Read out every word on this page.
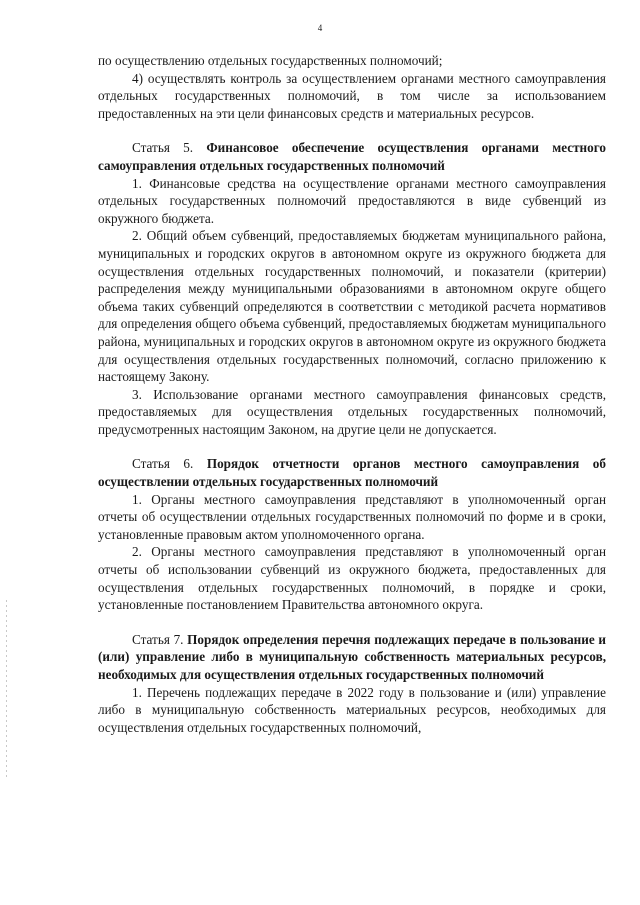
4

по осуществлению отдельных государственных полномочий;

4) осуществлять контроль за осуществлением органами местного самоуправления отдельных государственных полномочий, в том числе за использованием предоставленных на эти цели финансовых средств и материальных ресурсов.

Статья 5. Финансовое обеспечение осуществления органами местного самоуправления отдельных государственных полномочий

1. Финансовые средства на осуществление органами местного самоуправления отдельных государственных полномочий предоставляются в виде субвенций из окружного бюджета.

2. Общий объем субвенций, предоставляемых бюджетам муниципального района, муниципальных и городских округов в автономном округе из окружного бюджета для осуществления отдельных государственных полномочий, и показатели (критерии) распределения между муниципальными образованиями в автономном округе общего объема таких субвенций определяются в соответствии с методикой расчета нормативов для определения общего объема субвенций, предоставляемых бюджетам муниципального района, муниципальных и городских округов в автономном округе из окружного бюджета для осуществления отдельных государственных полномочий, согласно приложению к настоящему Закону.

3. Использование органами местного самоуправления финансовых средств, предоставляемых для осуществления отдельных государственных полномочий, предусмотренных настоящим Законом, на другие цели не допускается.

Статья 6. Порядок отчетности органов местного самоуправления об осуществлении отдельных государственных полномочий

1. Органы местного самоуправления представляют в уполномоченный орган отчеты об осуществлении отдельных государственных полномочий по форме и в сроки, установленные правовым актом уполномоченного органа.

2. Органы местного самоуправления представляют в уполномоченный орган отчеты об использовании субвенций из окружного бюджета, предоставленных для осуществления отдельных государственных полномочий, в порядке и сроки, установленные постановлением Правительства автономного округа.

Статья 7. Порядок определения перечня подлежащих передаче в пользование и (или) управление либо в муниципальную собственность материальных ресурсов, необходимых для осуществления отдельных государственных полномочий

1. Перечень подлежащих передаче в 2022 году в пользование и (или) управление либо в муниципальную собственность материальных ресурсов, необходимых для осуществления отдельных государственных полномочий,
